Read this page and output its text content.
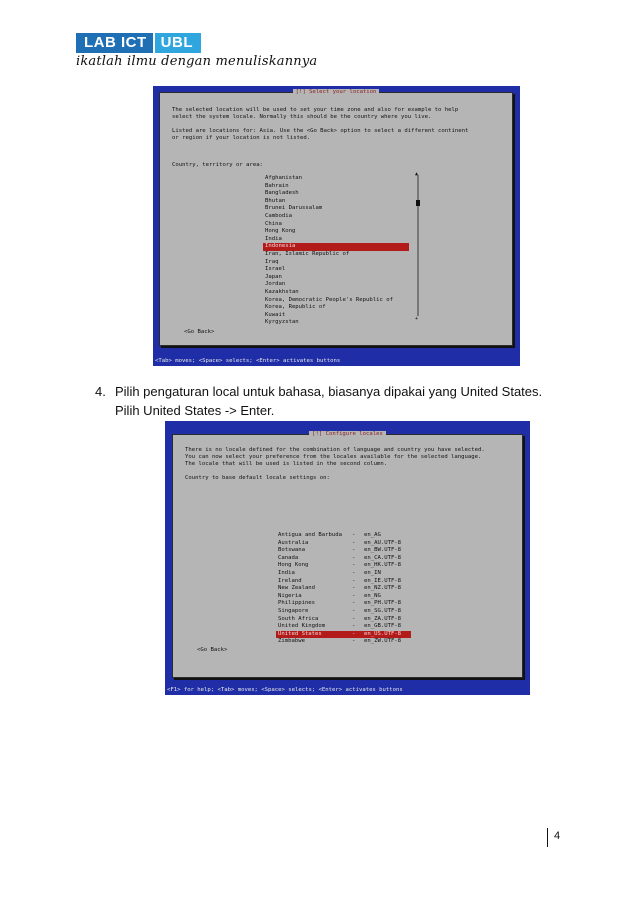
LAB ICT UBL
ikatlah ilmu dengan menuliskannya
[!] Select your location
The selected location will be used to set your time zone and also for example to help
select the system locale. Normally this should be the country where you live.

Listed are locations for: Asia. Use the <Go Back> option to select a different continent
or region if your location is not listed.
Country, territory or area:
Afghanistan
Bahrain
Bangladesh
Bhutan
Brunei Darussalam
Cambodia
China
Hong Kong
India
Indonesia
Iran, Islamic Republic of
Iraq
Israel
Japan
Jordan
Kazakhstan
Korea, Democratic People's Republic of
Korea, Republic of
Kuwait
Kyrgyzstan
▲
+
<Go Back>
<Tab> moves; <Space> selects; <Enter> activates buttons
4. Pilih pengaturan local untuk bahasa, biasanya dipakai yang United States.
Pilih United States -> Enter.
[!] Configure locales
There is no locale defined for the combination of language and country you have selected.
You can now select your preference from the locales available for the selected language.
The locale that will be used is listed in the second column.

Country to base default locale settings on:
Antigua and Barbuda	-	en_AG
Australia	-	en_AU.UTF-8
Botswana	-	en_BW.UTF-8
Canada	-	en_CA.UTF-8
Hong Kong	-	en_HK.UTF-8
India	-	en_IN
Ireland	-	en_IE.UTF-8
New Zealand	-	en_NZ.UTF-8
Nigeria	-	en_NG
Philippines	-	en_PH.UTF-8
Singapore	-	en_SG.UTF-8
South Africa	-	en_ZA.UTF-8
United Kingdom	-	en_GB.UTF-8
United States	-	en_US.UTF-8
Zimbabwe	-	en_ZW.UTF-8
<Go Back>
<F1> for help; <Tab> moves; <Space> selects; <Enter> activates buttons
4
